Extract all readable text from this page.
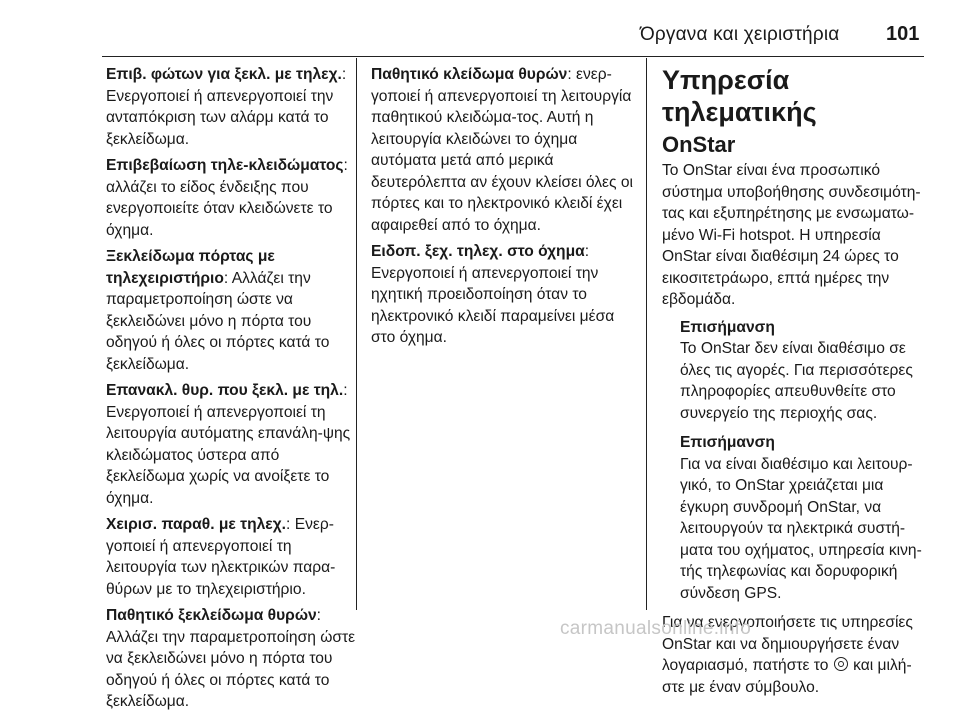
Όργανα και χειριστήρια 101
Επιβ. φώτων για ξεκλ. με τηλεχ.: Ενεργοποιεί ή απενεργοποιεί την ανταπόκριση των αλάρμ κατά το ξεκλείδωμα.
Επιβεβαίωση τηλε-κλειδώματος: αλλάζει το είδος ένδειξης που ενεργοποιείτε όταν κλειδώνετε το όχημα.
Ξεκλείδωμα πόρτας με τηλεχειριστήριο: Αλλάζει την παραμετροποίηση ώστε να ξεκλειδώνει μόνο η πόρτα του οδηγού ή όλες οι πόρτες κατά το ξεκλείδωμα.
Επανακλ. θυρ. που ξεκλ. με τηλ.: Ενεργοποιεί ή απενεργοποιεί τη λειτουργία αυτόματης επανάλη-ψης κλειδώματος ύστερα από ξεκλείδωμα χωρίς να ανοίξετε το όχημα.
Χειρισ. παραθ. με τηλεχ.: Ενερ-γοποιεί ή απενεργοποιεί τη λειτουργία των ηλεκτρικών παρα-θύρων με το τηλεχειριστήριο.
Παθητικό ξεκλείδωμα θυρών: Αλλάζει την παραμετροποίηση ώστε να ξεκλειδώνει μόνο η πόρτα του οδηγού ή όλες οι πόρτες κατά το ξεκλείδωμα.
Παθητικό κλείδωμα θυρών: ενερ-γοποιεί ή απενεργοποιεί τη λειτουργία παθητικού κλειδώμα-τος. Αυτή η λειτουργία κλειδώνει το όχημα αυτόματα μετά από μερικά δευτερόλεπτα αν έχουν κλείσει όλες οι πόρτες και το ηλεκτρονικό κλειδί έχει αφαιρεθεί από το όχημα.
Ειδοπ. ξεχ. τηλεχ. στο όχημα: Ενεργοποιεί ή απενεργοποιεί την ηχητική προειδοποίηση όταν το ηλεκτρονικό κλειδί παραμείνει μέσα στο όχημα.
Υπηρεσία τηλεματικής
OnStar
Το OnStar είναι ένα προσωπικό σύστημα υποβοήθησης συνδεσιμότη-τας και εξυπηρέτησης με ενσωματω-μένο Wi-Fi hotspot. Η υπηρεσία OnStar είναι διαθέσιμη 24 ώρες το εικοσιτετράωρο, επτά ημέρες την εβδομάδα.
Επισήμανση
Το OnStar δεν είναι διαθέσιμο σε όλες τις αγορές. Για περισσότερες πληροφορίες απευθυνθείτε στο συνεργείο της περιοχής σας.
Επισήμανση
Για να είναι διαθέσιμο και λειτουρ-γικό, το OnStar χρειάζεται μια έγκυρη συνδρομή OnStar, να λειτουργούν τα ηλεκτρικά συστή-ματα του οχήματος, υπηρεσία κινη-τής τηλεφωνίας και δορυφορική σύνδεση GPS.
Για να ενεργοποιήσετε τις υπηρεσίες OnStar και να δημιουργήσετε έναν λογαριασμό, πατήστε το και μιλή-στε με έναν σύμβουλο.
carmanualsonline.info
